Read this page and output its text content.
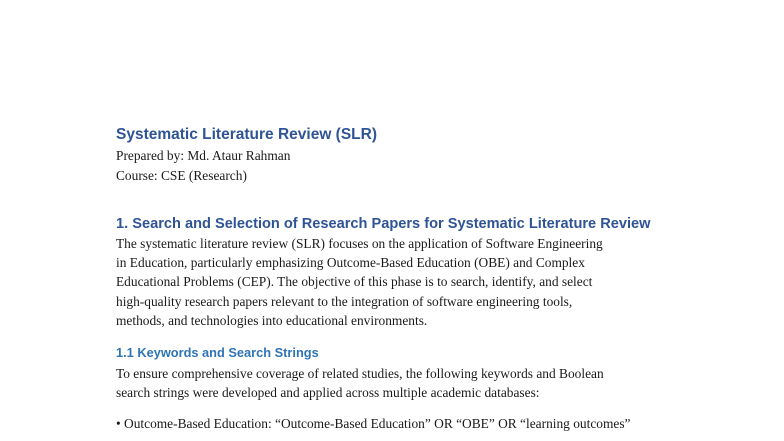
Systematic Literature Review (SLR)

Prepared by: Md. Ataur Rahman

Course: CSE (Research)

1. Search and Selection of Research Papers for Systematic Literature Review
The systematic literature review (SLR) focuses on the application of Software Engineering
in Education, particularly emphasizing Outcome-Based Education (OBE) and Complex
Educational Problems (CEP). The objective of this phase is to search, identify, and select
high-quality research papers relevant to the integration of software engineering tools,
methods, and technologies into educational environments.
1.1 Keywords and Search Strings
To ensure comprehensive coverage of related studies, the following keywords and Boolean
search strings were developed and applied across multiple academic databases:

• Outcome-Based Education: “Outcome-Based Education” OR “OBE” OR “learning outcomes”
